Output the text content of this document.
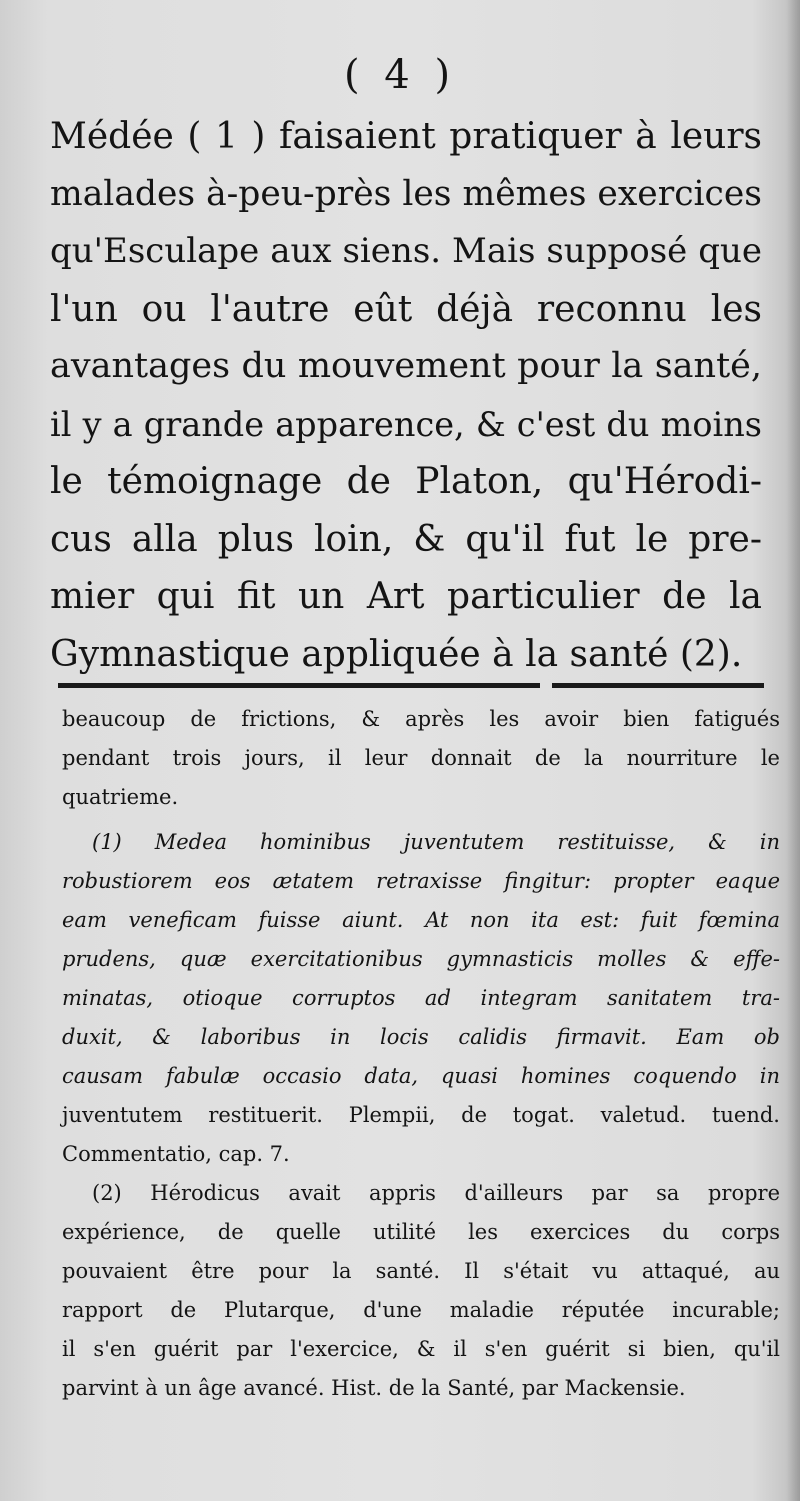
( 4 )
Médée ( 1 ) faisaient pratiquer à leurs
malades à-peu-près les mêmes exercices
qu'Esculape aux siens. Mais supposé que
l'un ou l'autre eût déjà reconnu les
avantages du mouvement pour la santé,
il y a grande apparence, & c'est du moins
le témoignage de Platon, qu'Hérodi-
cus alla plus loin, & qu'il fut le pre-
mier qui fit un Art particulier de la
Gymnastique appliquée à la santé (2).
beaucoup de frictions, & après les avoir bien fatigués
pendant trois jours, il leur donnait de la nourriture le
quatrieme.
(1) Medea hominibus juventutem restituisse, & in
robustiorem eos ætatem retraxisse fingitur: propter eaque
eam veneficam fuisse aiunt. At non ita est: fuit fœmina
prudens, quæ exercitationibus gymnasticis molles & effe-
minatas, otioque corruptos ad integram sanitatem tra-
duxit, & laboribus in locis calidis firmavit. Eam ob
causam fabulæ occasio data, quasi homines coquendo in
juventutem restituerit. Plempii, de togat. valetud. tuend.
Commentatio, cap. 7.
(2) Hérodicus avait appris d'ailleurs par sa propre
expérience, de quelle utilité les exercices du corps
pouvaient être pour la santé. Il s'était vu attaqué, au
rapport de Plutarque, d'une maladie réputée incurable;
il s'en guérit par l'exercice, & il s'en guérit si bien, qu'il
parvint à un âge avancé. Hist. de la Santé, par Mackensie.
